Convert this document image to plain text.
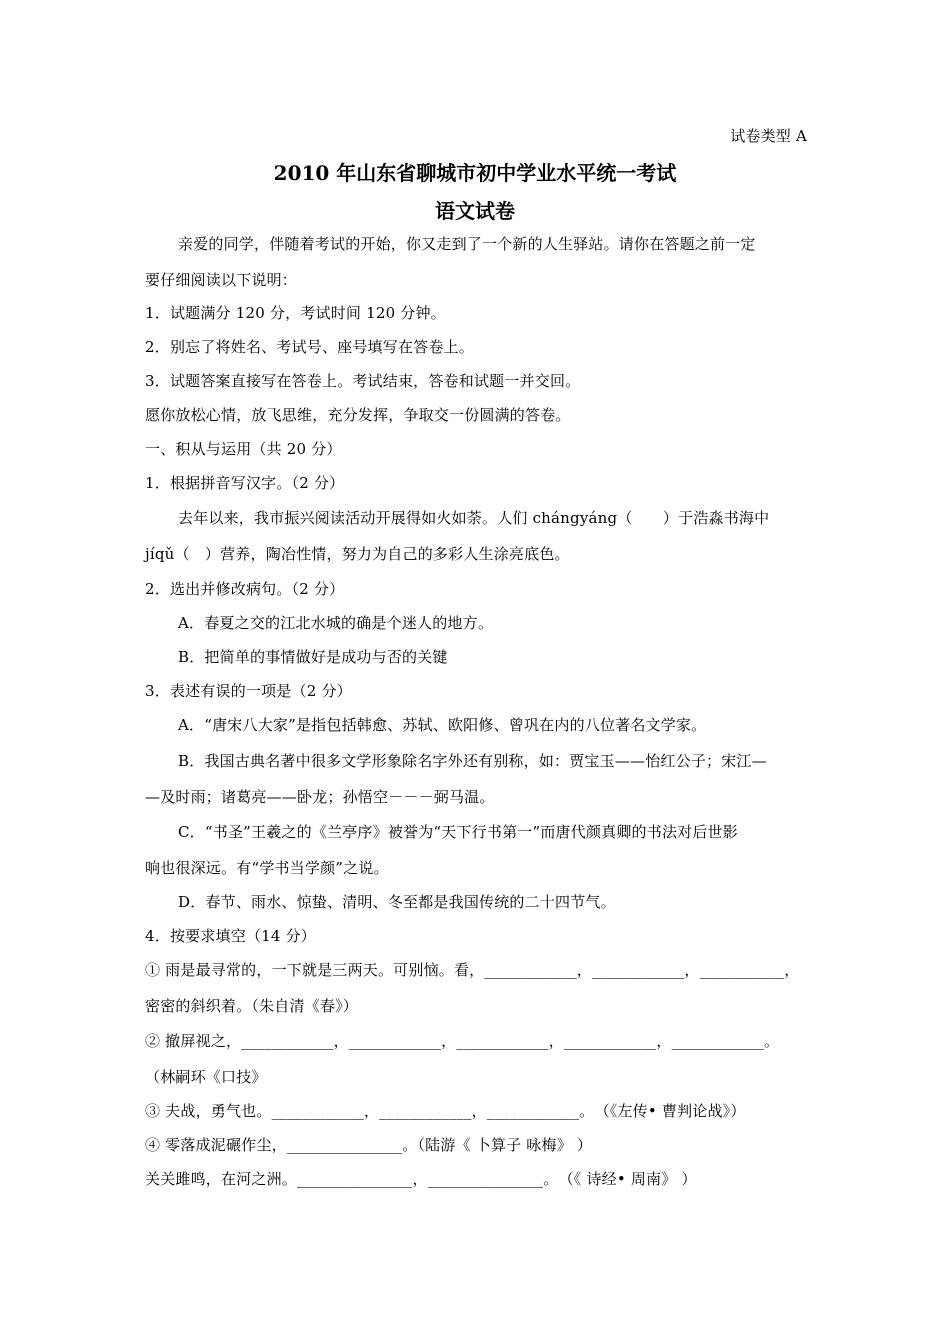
试卷类型 A
2010 年山东省聊城市初中学业水平统一考试
语文试卷
亲爱的同学，伴随着考试的开始，你又走到了一个新的人生驿站。请你在答题之前一定
要仔细阅读以下说明：
1．试题满分 120 分，考试时间 120 分钟。
2．别忘了将姓名、考试号、座号填写在答卷上。
3．试题答案直接写在答卷上。考试结束，答卷和试题一并交回。
愿你放松心情，放飞思维，充分发挥，争取交一份圆满的答卷。
一、积从与运用（共 20 分）
1．根据拼音写汉字。（2 分）
去年以来，我市振兴阅读活动开展得如火如荼。人们 chángyáng（　　）于浩淼书海中
jíqǔ（　）营养，陶冶性情，努力为自己的多彩人生涂亮底色。
2．选出并修改病句。（2 分）
A．春夏之交的江北水城的确是个迷人的地方。
B．把简单的事情做好是成功与否的关键
3．表述有误的一项是（2 分）
A．“唐宋八大家”是指包括韩愈、苏轼、欧阳修、曾巩在内的八位著名文学家。
B．我国古典名著中很多文学形象除名字外还有别称，如：贾宝玉——怡红公子；宋江—
—及时雨；诸葛亮——卧龙；孙悟空－－－弼马温。
C．“书圣”王羲之的《兰亭序》被誉为“天下行书第一”而唐代颜真卿的书法对后世影
响也很深远。有“学书当学颜”之说。
D．春节、雨水、惊蛰、清明、冬至都是我国传统的二十四节气。
4．按要求填空（14 分）
① 雨是最寻常的，一下就是三两天。可别恼。看，____________，____________，___________，
密密的斜织着。（朱自清《春》）
② 撤屏视之，____________，____________，____________，____________，____________。
（林嗣环《口技》
③ 夫战，勇气也。____________，____________，____________。　（《左传• 曹判论战》）
④ 零落成泥碾作尘，_______________。（陆游《 卜算子 咏梅》 ）
关关雎鸣，在河之洲。_______________，_______________。　（《 诗经• 周南》 ）
